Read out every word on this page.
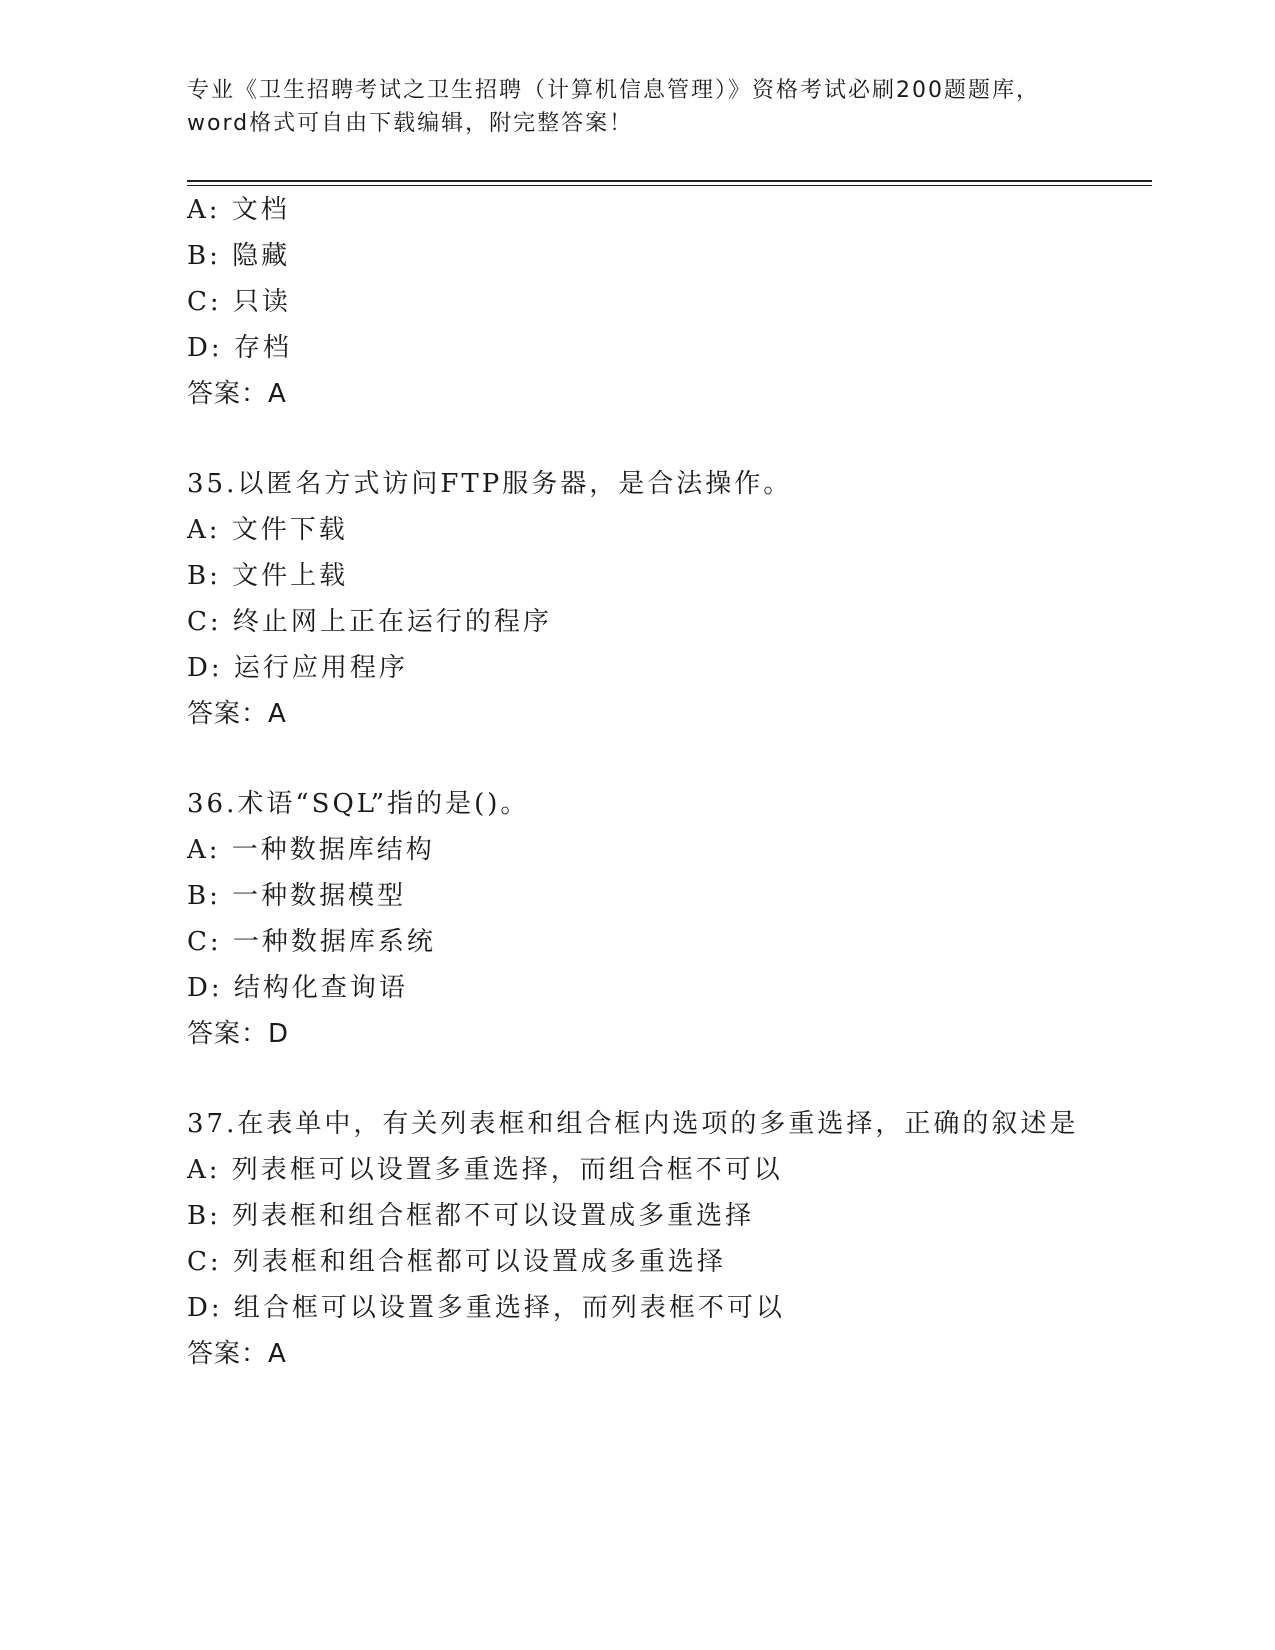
专业《卫生招聘考试之卫生招聘（计算机信息管理）》资格考试必刷200题题库，
word格式可自由下载编辑，附完整答案！
A: 文档
B: 隐藏
C: 只读
D: 存档
答案：A
35.以匿名方式访问FTP服务器，是合法操作。
A: 文件下载
B: 文件上载
C: 终止网上正在运行的程序
D: 运行应用程序
答案：A
36.术语“SQL”指的是()。
A: 一种数据库结构
B: 一种数据模型
C: 一种数据库系统
D: 结构化查询语
答案：D
37.在表单中，有关列表框和组合框内选项的多重选择，正确的叙述是
A: 列表框可以设置多重选择，而组合框不可以
B: 列表框和组合框都不可以设置成多重选择
C: 列表框和组合框都可以设置成多重选择
D: 组合框可以设置多重选择，而列表框不可以
答案：A
